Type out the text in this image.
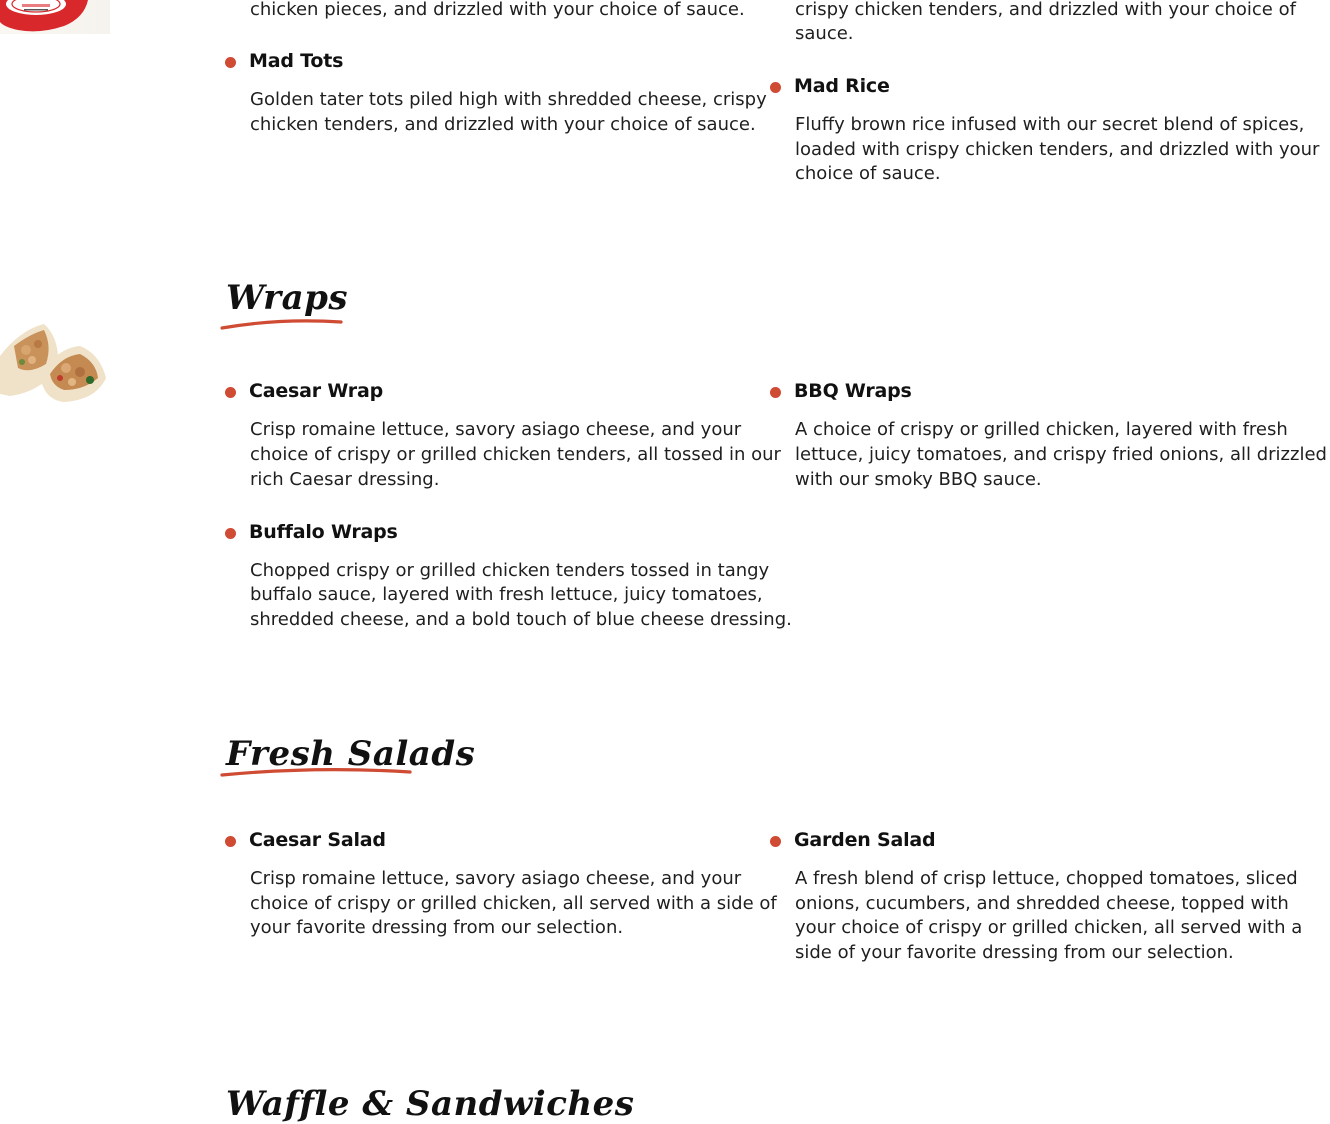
chicken pieces, and drizzled with your choice of sauce.	crispy chicken tenders, and drizzled with your choice of

sauce.

Mad Tots

Golden tater tots piled high with shredded cheese, crispy

chicken tenders, and drizzled with your choice of sauce.

Mad Rice

Fluffy brown rice infused with our secret blend of spices,

loaded with crispy chicken tenders, and drizzled with your

choice of sauce.

Wraps
Caesar Wrap

Crisp romaine lettuce, savory asiago cheese, and your

choice of crispy or grilled chicken tenders, all tossed in our

rich Caesar dressing.

BBQ Wraps

A choice of crispy or grilled chicken, layered with fresh

lettuce, juicy tomatoes, and crispy fried onions, all drizzled

with our smoky BBQ sauce.

Buffalo Wraps

Chopped crispy or grilled chicken tenders tossed in tangy

buffalo sauce, layered with fresh lettuce, juicy tomatoes,

shredded cheese, and a bold touch of blue cheese dressing.

Fresh Salads
Caesar Salad

Crisp romaine lettuce, savory asiago cheese, and your

choice of crispy or grilled chicken, all served with a side of

your favorite dressing from our selection.

Garden Salad

A fresh blend of crisp lettuce, chopped tomatoes, sliced

onions, cucumbers, and shredded cheese, topped with

your choice of crispy or grilled chicken, all served with a

side of your favorite dressing from our selection.

Waffle & Sandwiches
